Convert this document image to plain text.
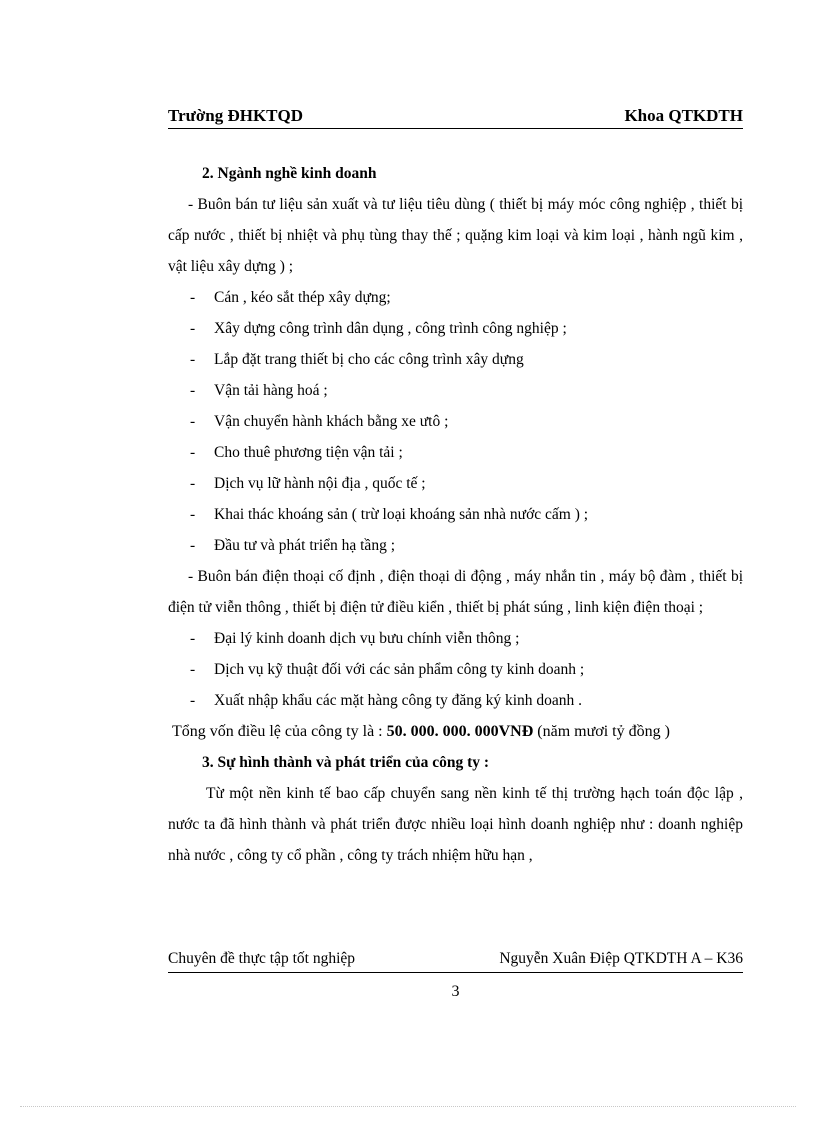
Trường ĐHKTQD	Khoa QTKDTH
2. Ngành nghề kinh doanh
- Buôn bán tư liệu sản xuất và tư liệu tiêu dùng ( thiết bị máy móc công nghiệp , thiết bị cấp nước , thiết bị nhiệt và phụ tùng thay thế ; quặng kim loại và kim loại , hành ngũ kim , vật liệu xây dựng ) ;
- Cán , kéo sắt thép xây dựng;
- Xây dựng công trình dân dụng , công trình công nghiệp ;
- Lắp đặt trang thiết bị cho các công trình xây dựng
- Vận tải hàng hoá ;
- Vận chuyển hành khách bằng xe ưtô ;
- Cho thuê phương tiện vận tải ;
- Dịch vụ lữ hành nội địa , quốc tế ;
- Khai thác khoáng sản ( trừ loại khoáng sản nhà nước cấm ) ;
- Đầu tư và phát triển hạ tầng ;
- Buôn bán điện thoại cố định , điện thoại di động , máy nhắn tin , máy bộ đàm , thiết bị điện tử viễn thông , thiết bị điện tử điều kiển , thiết bị phát súng , linh kiện điện thoại ;
- Đại lý kinh doanh dịch vụ bưu chính viễn thông ;
- Dịch vụ kỹ thuật đối với các sản phẩm công ty kinh doanh ;
- Xuất nhập khẩu các mặt hàng công ty đăng ký kinh doanh .
Tổng vốn điều lệ của công ty là : 50. 000. 000. 000VNĐ (năm mươi tỷ đồng )
3. Sự hình thành và phát triển của công ty :
Từ một nền kinh tế bao cấp chuyển sang nền kinh tế thị trường hạch toán độc lập , nước ta đã hình thành và phát triển được nhiều loại hình doanh nghiệp như : doanh nghiệp nhà nước , công ty cổ phần , công ty trách nhiệm hữu hạn ,
Chuyên đề thực tập tốt nghiệp	Nguyễn Xuân Điệp QTKDTH A – K36
3
